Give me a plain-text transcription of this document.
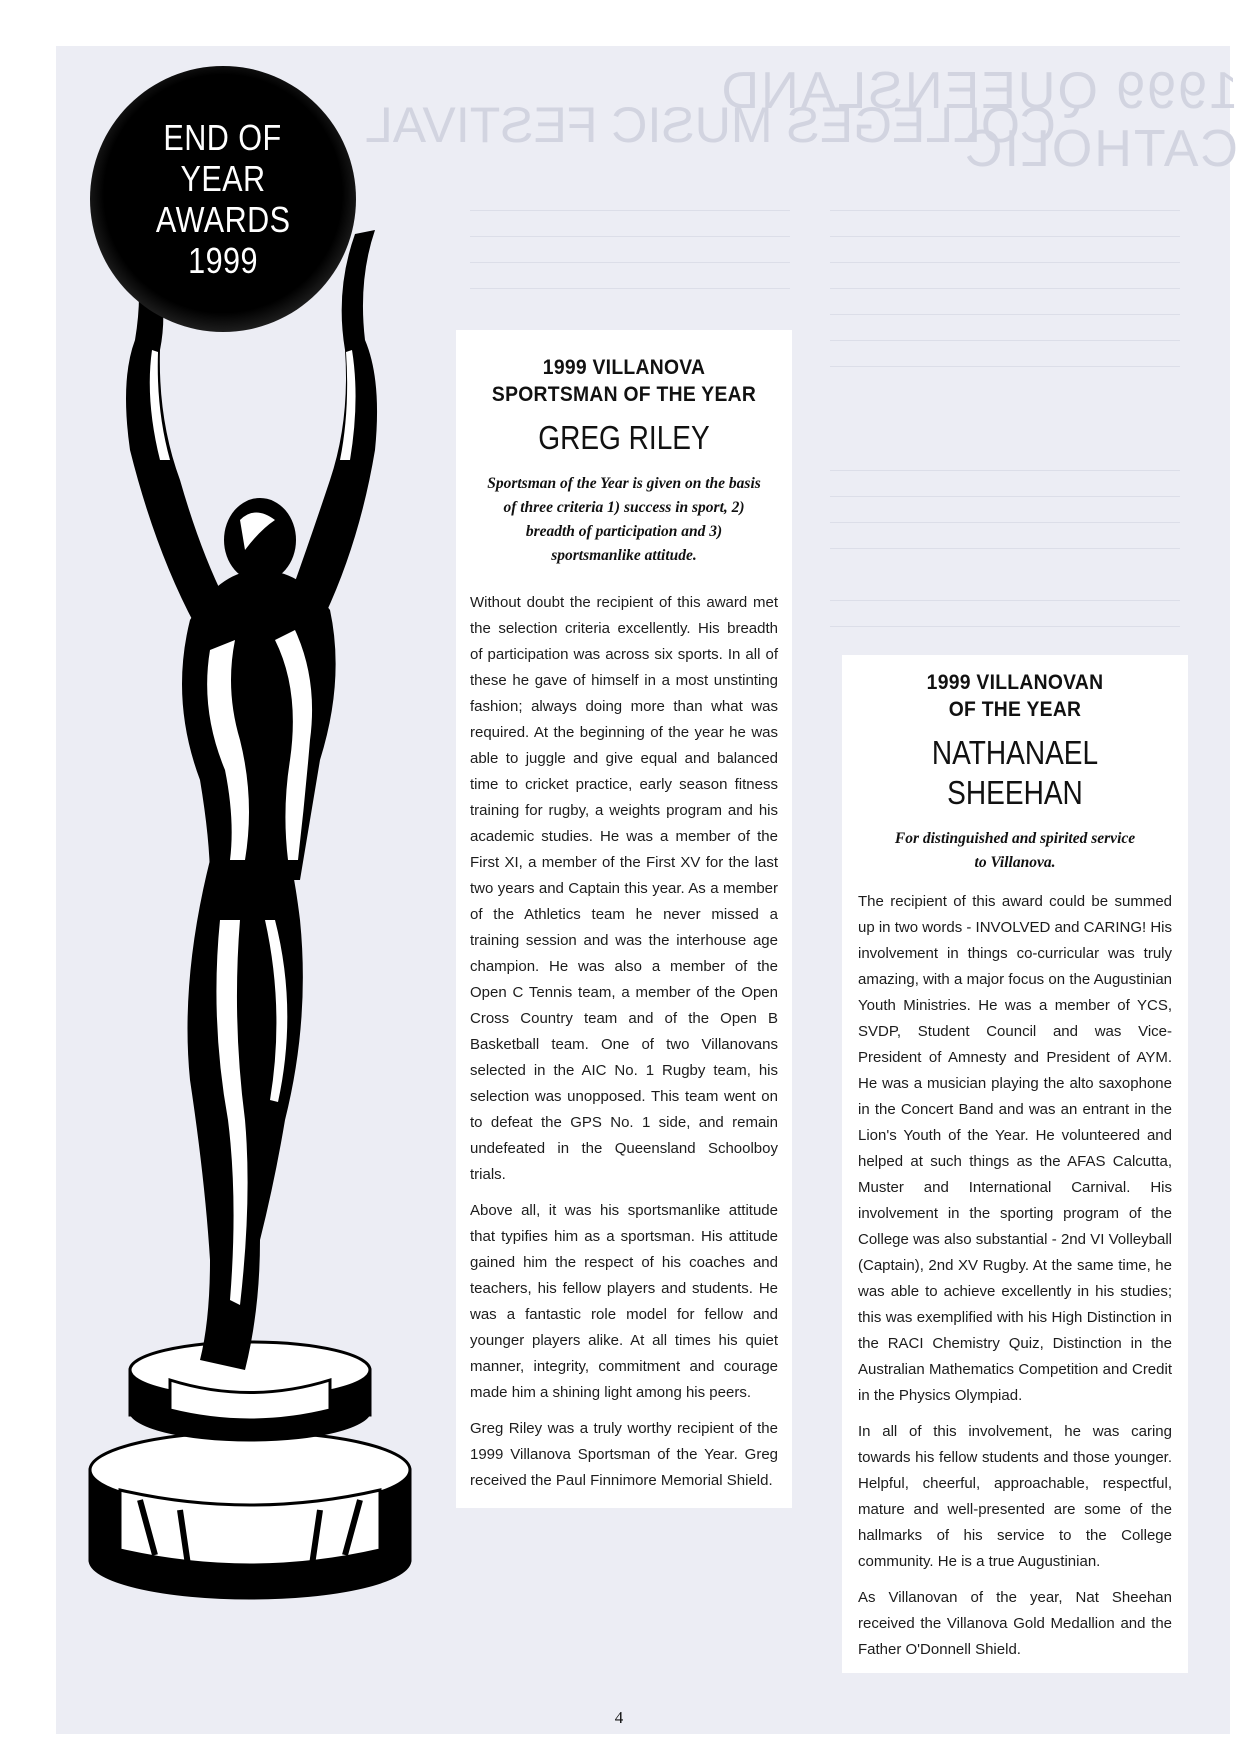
1999 QUEENSLAND CATHOLIC
COLLEGES MUSIC FESTIVAL
END OF
YEAR
AWARDS
1999
1999 VILLANOVA
SPORTSMAN OF THE YEAR
GREG RILEY
Sportsman of the Year is given on the basis of three criteria 1) success in sport, 2) breadth of participation and 3) sportsmanlike attitude.

Without doubt the recipient of this award met the selection criteria excellently. His breadth of participation was across six sports. In all of these he gave of himself in a most unstinting fashion; always doing more than what was required. At the beginning of the year he was able to juggle and give equal and balanced time to cricket practice, early season fitness training for rugby, a weights program and his academic studies. He was a member of the First XI, a member of the First XV for the last two years and Captain this year. As a member of the Athletics team he never missed a training session and was the interhouse age champion. He was also a member of the Open C Tennis team, a member of the Open Cross Country team and of the Open B Basketball team. One of two Villanovans selected in the AIC No. 1 Rugby team, his selection was unopposed. This team went on to defeat the GPS No. 1 side, and remain undefeated in the Queensland Schoolboy trials.

Above all, it was his sportsmanlike attitude that typifies him as a sportsman. His attitude gained him the respect of his coaches and teachers, his fellow players and students. He was a fantastic role model for fellow and younger players alike. At all times his quiet manner, integrity, commitment and courage made him a shining light among his peers.

Greg Riley was a truly worthy recipient of the 1999 Villanova Sportsman of the Year. Greg received the Paul Finnimore Memorial Shield.

1999 VILLANOVAN
OF THE YEAR
NATHANAEL SHEEHAN
For distinguished and spirited service to Villanova.

The recipient of this award could be summed up in two words - INVOLVED and CARING! His involvement in things co-curricular was truly amazing, with a major focus on the Augustinian Youth Ministries. He was a member of YCS, SVDP, Student Council and was Vice-President of Amnesty and President of AYM. He was a musician playing the alto saxophone in the Concert Band and was an entrant in the Lion's Youth of the Year. He volunteered and helped at such things as the AFAS Calcutta, Muster and International Carnival. His involvement in the sporting program of the College was also substantial - 2nd VI Volleyball (Captain), 2nd XV Rugby. At the same time, he was able to achieve excellently in his studies; this was exemplified with his High Distinction in the RACI Chemistry Quiz, Distinction in the Australian Mathematics Competition and Credit in the Physics Olympiad.

In all of this involvement, he was caring towards his fellow students and those younger. Helpful, cheerful, approachable, respectful, mature and well-presented are some of the hallmarks of his service to the College community. He is a true Augustinian.

As Villanovan of the year, Nat Sheehan received the Villanova Gold Medallion and the Father O'Donnell Shield.

4
